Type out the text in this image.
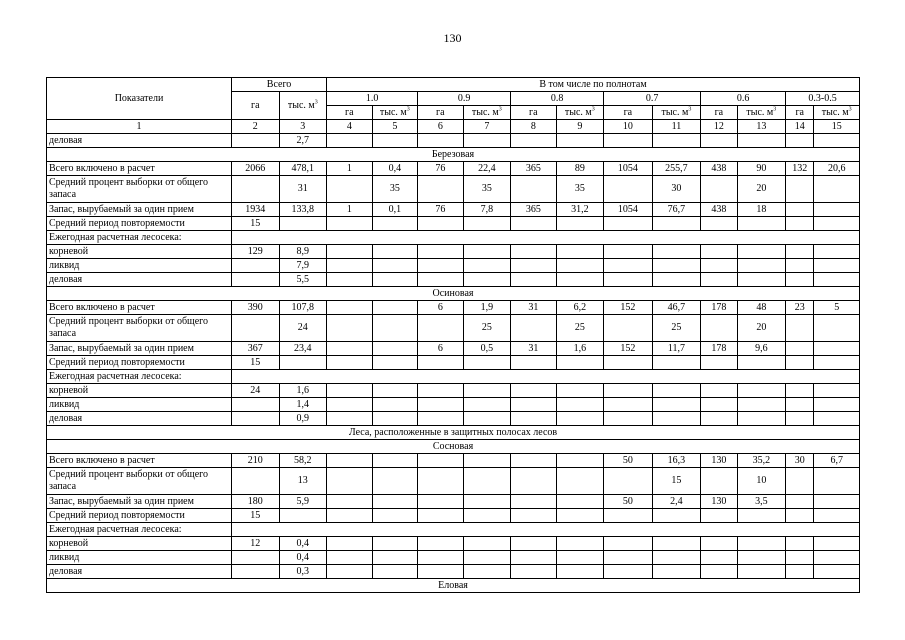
130
Показатели	Всего		В том числе по полнотам											
	га	тыс. $м^3$	1.0		0.9		0.8		0.7		0.6		0.3-0.5	
			га	тыс. $м^3$	га	тыс. $м^3$	га	тыс. $м^3$	га	тыс. $м^3$	га	тыс. $м^3$	га	тыс. $м^3$
1	2	3	4	5	6	7	8	9	10	11	12	13	14	15
деловая		2,7												
Березовая														
Всего включено в расчет	2066	478,1	1	0,4	76	22,4	365	89	1054	255,7	438	90	132	20,6
Средний процент выборки от общего запаса		31		35		35		35		30		20		
Запас, вырубаемый за один прием	1934	133,8	1	0,1	76	7,8	365	31,2	1054	76,7	438	18		
Средний период повторяемости	15													
Ежегодная расчетная лесосека:														
корневой	129	8,9												
ликвид		7,9												
деловая		5,5												
Осиновая														
Всего включено в расчет	390	107,8			6	1,9	31	6,2	152	46,7	178	48	23	5
Средний процент выборки от общего запаса		24				25		25		25		20		
Запас, вырубаемый за один прием	367	23,4			6	0,5	31	1,6	152	11,7	178	9,6		
Средний период повторяемости	15													
Ежегодная расчетная лесосека:														
корневой	24	1,6												
ликвид		1,4												
деловая		0,9												
Леса, расположенные в защитных полосах лесов														
Сосновая														
Всего включено в расчет	210	58,2							50	16,3	130	35,2	30	6,7
Средний процент выборки от общего запаса		13								15		10		
Запас, вырубаемый за один прием	180	5,9							50	2,4	130	3,5		
Средний период повторяемости	15													
Ежегодная расчетная лесосека:														
корневой	12	0,4												
ликвид		0,4												
деловая		0,3												
Еловая														
